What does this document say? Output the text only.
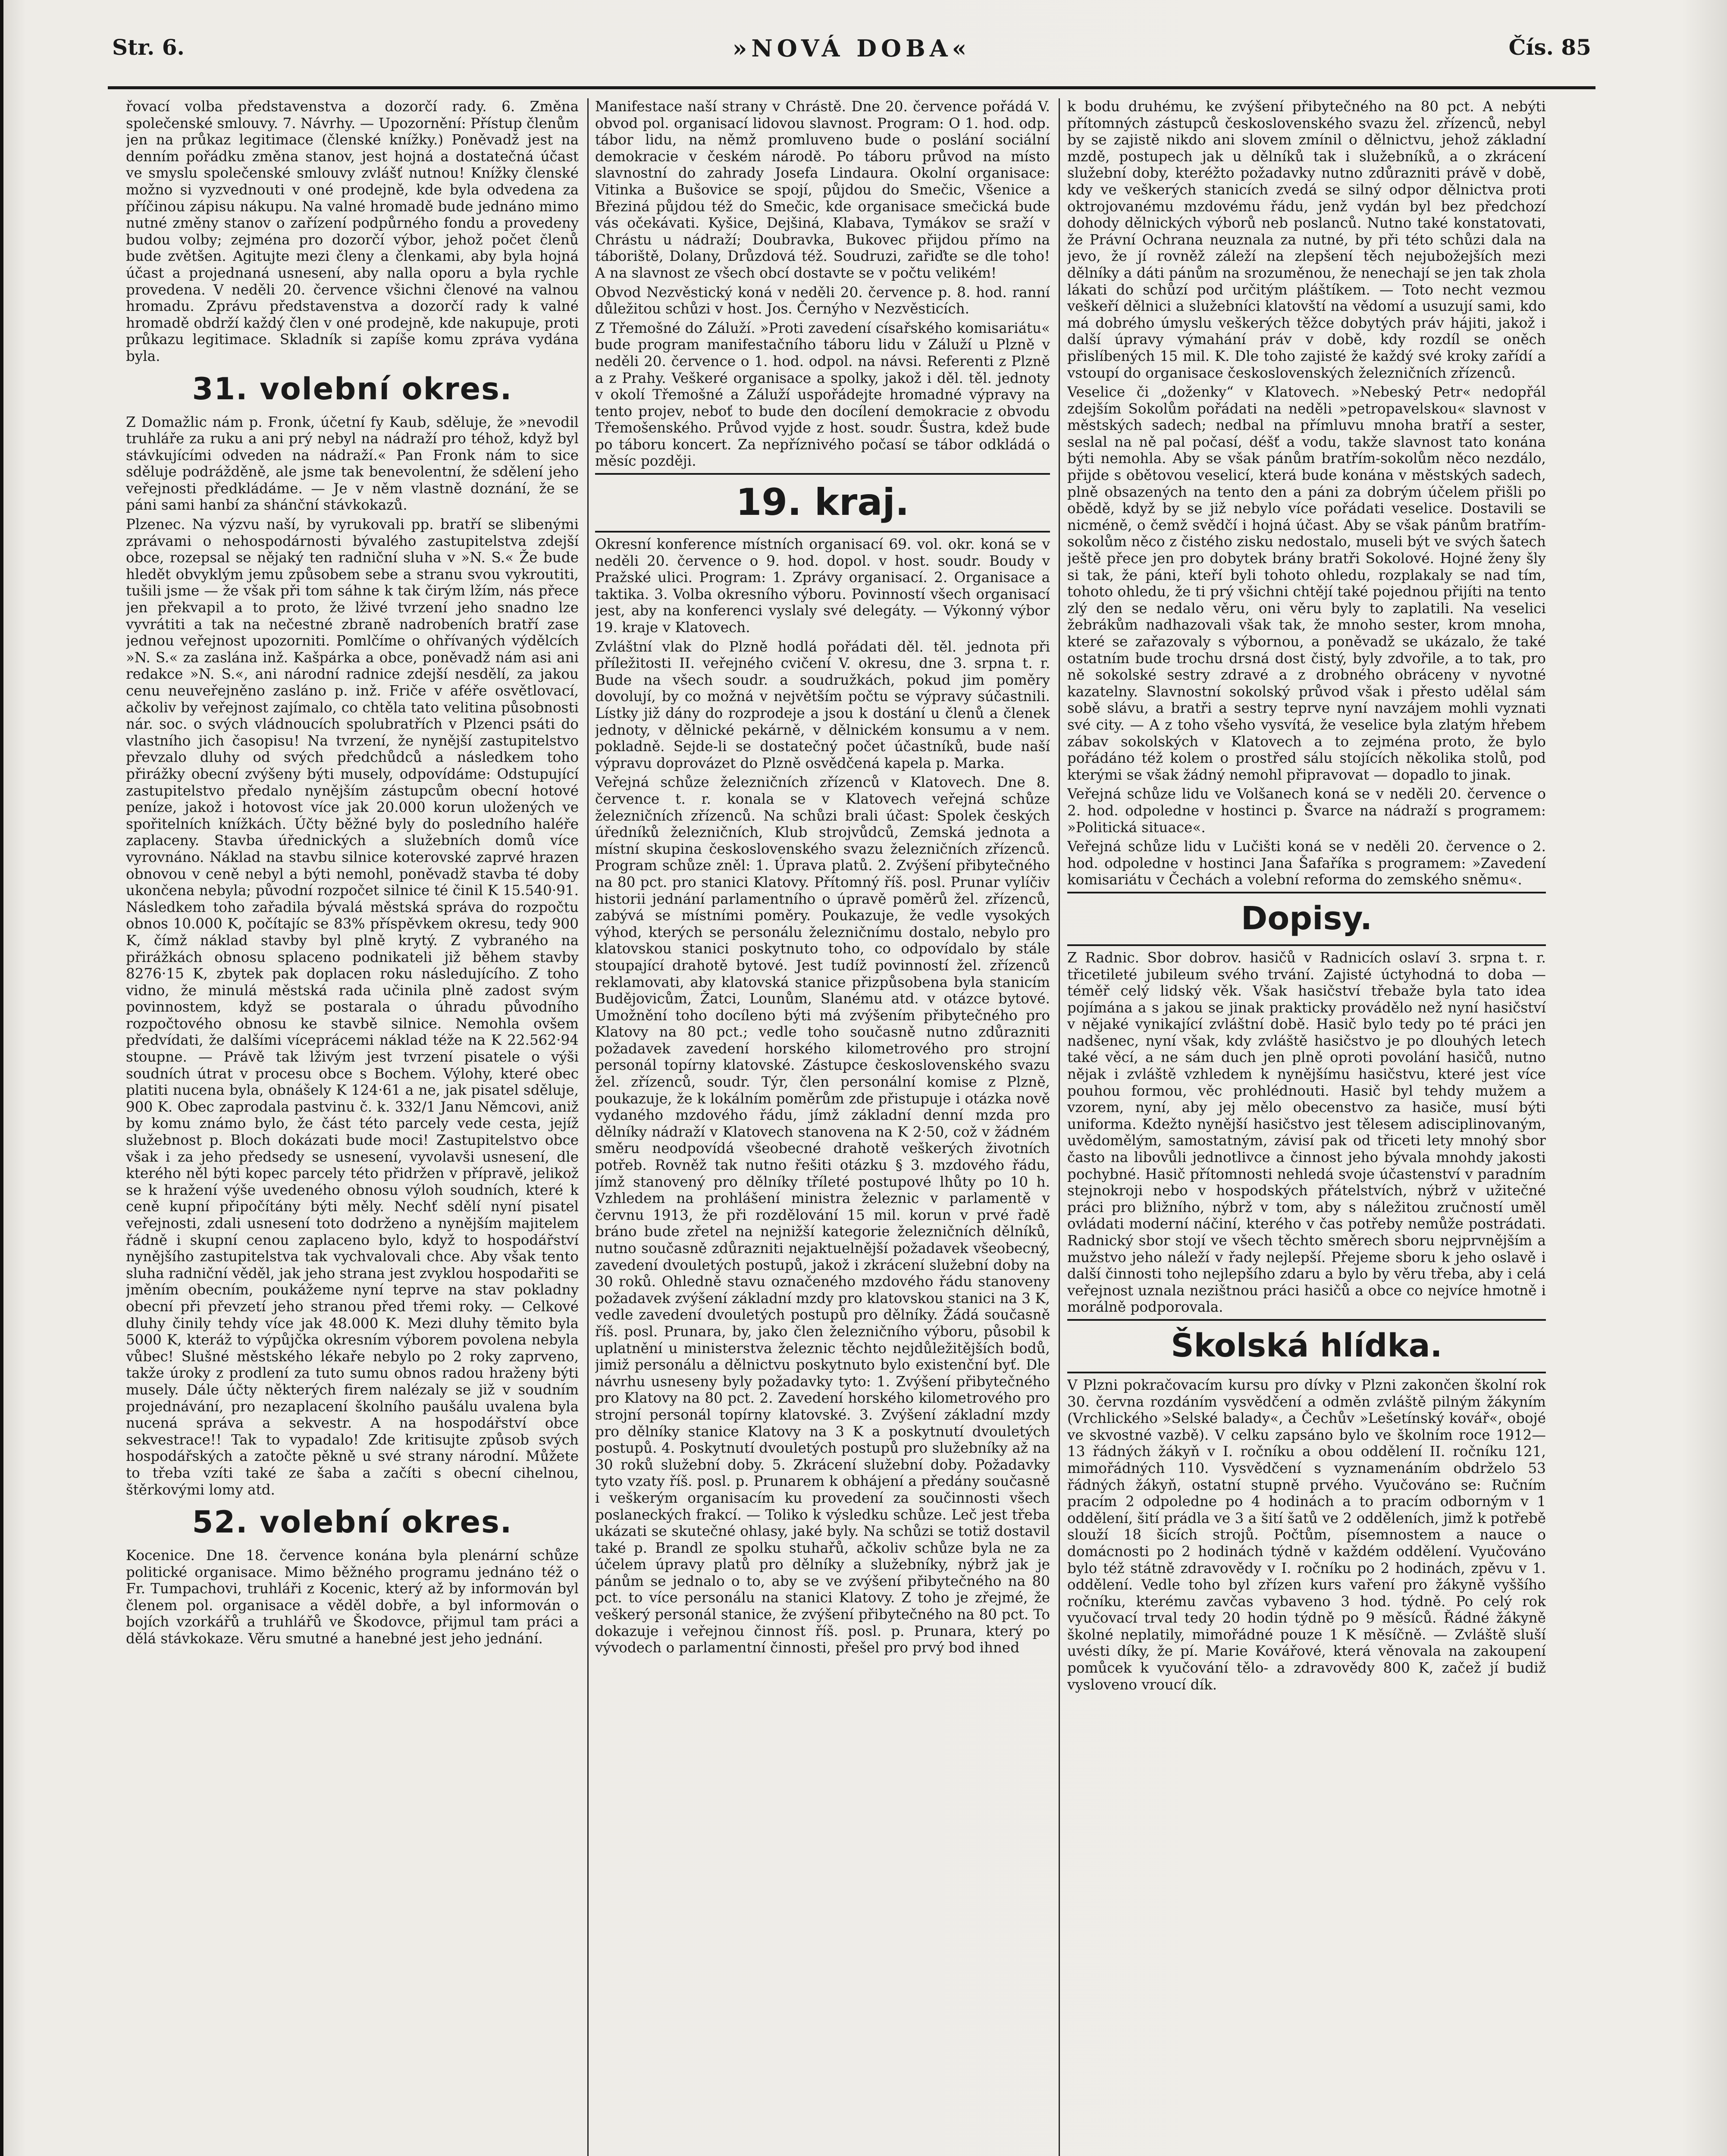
Str. 6.	»NOVÁ DOBA«	Čís. 85

řovací volba představenstva a dozorčí rady. 6. Změna společenské smlouvy. 7. Návrhy. — Upozornění: Přístup členům jen na průkaz legitimace (členské knížky.) Poněvadž jest na denním pořádku změna stanov, jest hojná a dostatečná účast ve smyslu společenské smlouvy zvlášť nutnou! Knížky členské možno si vyzvednouti v oné prodejně, kde byla odvedena za příčinou zápisu nákupu. Na valné hromadě bude jednáno mimo nutné změny stanov o zařízení podpůrného fondu a provedeny budou volby; zejména pro dozorčí výbor, jehož počet členů bude zvětšen. Agitujte mezi členy a členkami, aby byla hojná účast a projednaná usnesení, aby nalla oporu a byla rychle provedena. V neděli 20. července všichni členové na valnou hromadu. Zprávu představenstva a dozorčí rady k valné hromadě obdrží každý člen v oné prodejně, kde nakupuje, proti průkazu legitimace. Skladník si zapíše komu zpráva vydána byla.

31. volební okres.

Z Domažlic nám p. Fronk, účetní fy Kaub, sděluje, že »nevodil truhláře za ruku a ani prý nebyl na nádraží pro téhož, když byl stávkujícími odveden na nádraží.« Pan Fronk nám to sice sděluje podrážděně, ale jsme tak benevolentní, že sdělení jeho veřejnosti předkládáme. — Je v něm vlastně doznání, že se páni sami hanbí za shánční stávkokazů.

Plzenec. Na výzvu naší, by vyrukovali pp. bratří se slibenými zprávami o nehospodárnosti bývalého zastupitelstva zdejší obce, rozepsal se nějaký ten radniční sluha v »N. S.« Že bude hledět obvyklým jemu způsobem sebe a stranu svou vykroutiti, tušili jsme — že však při tom sáhne k tak čirým lžím, nás přece jen překvapil a to proto, že lživé tvrzení jeho snadno lze vyvrátiti a tak na nečestné zbraně nadrobeních bratří zase jednou veřejnost upozorniti. Pomlčíme o ohřívaných výdělcích »N. S.« za zaslána inž. Kašpárka a obce, poněvadž nám asi ani redakce »N. S.«, ani národní radnice zdejší nesdělí, za jakou cenu neuveřejněno zasláno p. inž. Friče v aféře osvětlovací, ačkoliv by veřejnost zajímalo, co chtěla tato velitina působnosti nár. soc. o svých vládnoucích spolubratřích v Plzenci psáti do vlastního jich časopisu! Na tvrzení, že nynější zastupitelstvo převzalo dluhy od svých předchůdců a následkem toho přirážky obecní zvýšeny býti musely, odpovídáme: Odstupující zastupitelstvo předalo nynějším zástupcům obecní hotové peníze, jakož i hotovost více jak 20.000 korun uložených ve spořitelních knížkách. Účty běžné byly do posledního haléře zaplaceny. Stavba úřednických a služebních domů více vyrovnáno. Náklad na stavbu silnice koterovské zaprvé hrazen obnovou v ceně nebyl a býti nemohl, poněvadž stavba té doby ukončena nebyla; původní rozpočet silnice té činil K 15.540·91. Následkem toho zařadila bývalá městská správa do rozpočtu obnos 10.000 K, počítajíc se 83% příspěvkem okresu, tedy 900 K, čímž náklad stavby byl plně krytý. Z vybraného na přirážkách obnosu splaceno podnikateli již během stavby 8276·15 K, zbytek pak doplacen roku následujícího. Z toho vidno, že minulá městská rada učinila plně zadost svým povinnostem, když se postarala o úhradu původního rozpočtového obnosu ke stavbě silnice. Nemohla ovšem předvídati, že dalšími víceprácemi náklad téže na K 22.562·94 stoupne. — Právě tak lživým jest tvrzení pisatele o výši soudních útrat v procesu obce s Bochem. Výlohy, které obec platiti nucena byla, obnášely K 124·61 a ne, jak pisatel sděluje, 900 K. Obec zaprodala pastvinu č. k. 332/1 Janu Němcovi, aniž by komu známo bylo, že část této parcely vede cesta, jejíž služebnost p. Bloch dokázati bude moci! Zastupitelstvo obce však i za jeho předsedy se usnesení, vyvolavši usnesení, dle kterého něl býti kopec parcely této přidržen v přípravě, jelikož se k hražení výše uvedeného obnosu výloh soudních, které k ceně kupní připočítány býti měly. Nechť sdělí nyní pisatel veřejnosti, zdali usnesení toto dodrženo a nynějším majitelem řádně i skupní cenou zaplaceno bylo, když to hospodářství nynějšího zastupitelstva tak vychvalovali chce. Aby však tento sluha radniční věděl, jak jeho strana jest zvyklou hospodařiti se jměním obecním, poukážeme nyní teprve na stav pokladny obecní při převzetí jeho stranou před třemi roky. — Celkové dluhy činily tehdy více jak 48.000 K. Mezi dluhy těmito byla 5000 K, kteráž to výpůjčka okresním výborem povolena nebyla vůbec! Slušné městského lékaře nebylo po 2 roky zaprveno, takže úroky z prodlení za tuto sumu obnos radou hraženy býti musely. Dále účty některých firem nalézaly se již v soudním projednávání, pro nezaplacení školního paušálu uvalena byla nucená správa a sekvestr. A na hospodářství obce sekvestrace!! Tak to vypadalo! Zde kritisujte způsob svých hospodářských a zatočte pěkně u své strany národní. Můžete to třeba vzíti také ze šaba a začíti s obecní cihelnou, štěrkovými lomy atd.

52. volební okres.

Kocenice. Dne 18. července konána byla plenární schůze politické organisace. Mimo běžného programu jednáno též o Fr. Tumpachovi, truhláři z Kocenic, který až by informován byl členem pol. organisace a věděl dobře, a byl informován o bojích vzorkářů a truhlářů ve Škodovce, přijmul tam práci a dělá stávkokaze. Věru smutné a hanebné jest jeho jednání.

Manifestace naší strany v Chrástě. Dne 20. července pořádá V. obvod pol. organisací lidovou slavnost. Program: O 1. hod. odp. tábor lidu, na němž promluveno bude o poslání sociální demokracie v českém národě. Po táboru průvod na místo slavnostní do zahrady Josefa Lindaura. Okolní organisace: Vitinka a Bušovice se spojí, půjdou do Smečic, Všenice a Březiná půjdou též do Smečic, kde organisace smečická bude vás očekávati. Kyšice, Dejšiná, Klabava, Tymákov se sraží v Chrástu u nádraží; Doubravka, Bukovec přijdou přímo na táboriště, Dolany, Drůzdová též. Soudruzi, zařiďte se dle toho! A na slavnost ze všech obcí dostavte se v počtu velikém!

Obvod Nezvěstický koná v neděli 20. července p. 8. hod. ranní důležitou schůzi v host. Jos. Černýho v Nezvěsticích.

Z Třemošné do Záluží. »Proti zavedení císařského komisariátu« bude program manifestačního táboru lidu v Záluží u Plzně v neděli 20. července o 1. hod. odpol. na návsi. Referenti z Plzně a z Prahy. Veškeré organisace a spolky, jakož i děl. těl. jednoty v okolí Třemošné a Záluží uspořádejte hromadné výpravy na tento projev, neboť to bude den docílení demokracie z obvodu Třemošenského. Průvod vyjde z host. soudr. Šustra, kdež bude po táboru koncert. Za nepříznivého počasí se tábor odkládá o měsíc později.

19. kraj.

Okresní konference místních organisací 69. vol. okr. koná se v neděli 20. července o 9. hod. dopol. v host. soudr. Boudy v Pražské ulici. Program: 1. Zprávy organisací. 2. Organisace a taktika. 3. Volba okresního výboru. Povinností všech organisací jest, aby na konferenci vyslaly své delegáty. — Výkonný výbor 19. kraje v Klatovech.

Zvláštní vlak do Plzně hodlá pořádati děl. těl. jednota při příležitosti II. veřejného cvičení V. okresu, dne 3. srpna t. r. Bude na všech soudr. a soudružkách, pokud jim poměry dovolují, by co možná v největším počtu se výpravy súčastnili. Lístky již dány do rozprodeje a jsou k dostání u členů a členek jednoty, v dělnické pekárně, v dělnickém konsumu a v nem. pokladně. Sejde-li se dostatečný počet účastníků, bude naší výpravu doprovázet do Plzně osvědčená kapela p. Marka.

Veřejná schůze železničních zřízenců v Klatovech. Dne 8. července t. r. konala se v Klatovech veřejná schůze železničních zřízenců. Na schůzi brali účast: Spolek českých úředníků železničních, Klub strojvůdců, Zemská jednota a místní skupina československého svazu železničních zřízenců. Program schůze zněl: 1. Úprava platů. 2. Zvýšení přibytečného na 80 pct. pro stanici Klatovy. Přítomný říš. posl. Prunar vylíčiv historii jednání parlamentního o úpravě poměrů žel. zřízenců, zabývá se místními poměry. Poukazuje, že vedle vysokých výhod, kterých se personálu železničnímu dostalo, nebylo pro klatovskou stanici poskytnuto toho, co odpovídalo by stále stoupající drahotě bytové. Jest tudíž povinností žel. zřízenců reklamovati, aby klatovská stanice přizpůsobena byla stanicím Budějovicům, Žatci, Lounům, Slanému atd. v otázce bytové. Umožnění toho docíleno býti má zvýšením přibytečného pro Klatovy na 80 pct.; vedle toho současně nutno zdůrazniti požadavek zavedení horského kilometrového pro strojní personál topírny klatovské. Zástupce československého svazu žel. zřízenců, soudr. Týr, člen personální komise z Plzně, poukazuje, že k lokálním poměrům zde přistupuje i otázka nově vydaného mzdového řádu, jímž základní denní mzda pro dělníky nádraží v Klatovech stanovena na K 2·50, což v žádném směru neodpovídá všeobecné drahotě veškerých životních potřeb. Rovněž tak nutno řešiti otázku § 3. mzdového řádu, jímž stanovený pro dělníky tříleté postupové lhůty po 10 h. Vzhledem na prohlášení ministra železnic v parlamentě v červnu 1913, že při rozdělování 15 mil. korun v prvé řadě bráno bude zřetel na nejnižší kategorie železničních dělníků, nutno současně zdůrazniti nejaktuelnější požadavek všeobecný, zavedení dvouletých postupů, jakož i zkrácení služební doby na 30 roků. Ohledně stavu označeného mzdového řádu stanoveny požadavek zvýšení základní mzdy pro klatovskou stanici na 3 K, vedle zavedení dvouletých postupů pro dělníky. Žádá současně říš. posl. Prunara, by, jako člen železničního výboru, působil k uplatnění u ministerstva železnic těchto nejdůležitějších bodů, jimiž personálu a dělnictvu poskytnuto bylo existenční byť. Dle návrhu usneseny byly požadavky tyto: 1. Zvýšení přibytečného pro Klatovy na 80 pct. 2. Zavedení horského kilometrového pro strojní personál topírny klatovské. 3. Zvýšení základní mzdy pro dělníky stanice Klatovy na 3 K a poskytnutí dvouletých postupů. 4. Poskytnutí dvouletých postupů pro služebníky až na 30 roků služební doby. 5. Zkrácení služební doby. Požadavky tyto vzaty říš. posl. p. Prunarem k obhájení a předány současně i veškerým organisacím ku provedení za součinnosti všech poslaneckých frakcí. — Toliko k výsledku schůze. Leč jest třeba ukázati se skutečné ohlasy, jaké byly. Na schůzi se totiž dostavil také p. Brandl ze spolku stuhařů, ačkoliv schůze byla ne za účelem úpravy platů pro dělníky a služebníky, nýbrž jak je pánům se jednalo o to, aby se ve zvýšení přibytečného na 80 pct. to více personálu na stanici Klatovy. Z toho je zřejmé, že veškerý personál stanice, že zvýšení přibytečného na 80 pct. To dokazuje i veřejnou činnost říš. posl. p. Prunara, který po vývodech o parlamentní činnosti, přešel pro prvý bod ihned

k bodu druhému, ke zvýšení přibytečného na 80 pct. A nebýti přítomných zástupců československého svazu žel. zřízenců, nebyl by se zajistě nikdo ani slovem zmínil o dělnictvu, jehož základní mzdě, postupech jak u dělníků tak i služebníků, a o zkrácení služební doby, kteréžto požadavky nutno zdůrazniti právě v době, kdy ve veškerých stanicích zvedá se silný odpor dělnictva proti oktrojovanému mzdovému řádu, jenž vydán byl bez předchozí dohody dělnických výborů neb poslanců. Nutno také konstatovati, že Právní Ochrana neuznala za nutné, by při této schůzi dala na jevo, že jí rovněž záleží na zlepšení těch nejubožejších mezi dělníky a dáti pánům na srozuměnou, že nenechají se jen tak zhola lákati do schůzí pod určitým pláštíkem. — Toto necht vezmou veškeří dělnici a služebníci klatovští na vědomí a usuzují sami, kdo má dobrého úmyslu veškerých těžce dobytých práv hájiti, jakož i další úpravy výmahání práv v době, kdy rozdíl se oněch přislíbených 15 mil. K. Dle toho zajisté že každý své kroky zařídí a vstoupí do organisace československých železničních zřízenců.

Veselice či „doženky“ v Klatovech. »Nebeský Petr« nedopřál zdejším Sokolům pořádati na neděli »petropavelskou« slavnost v městských sadech; nedbal na přímluvu mnoha bratří a sester, seslal na ně pal počasí, déšť a vodu, takže slavnost tato konána býti nemohla. Aby se však pánům bratřím-sokolům něco nezdálo, přijde s obětovou veselicí, která bude konána v městských sadech, plně obsazených na tento den a páni za dobrým účelem přišli po obědě, když by se již nebylo více pořádati veselice. Dostavili se nicméně, o čemž svědčí i hojná účast. Aby se však pánům bratřím-sokolům něco z čistého zisku nedostalo, museli být ve svých šatech ještě přece jen pro dobytek brány bratři Sokolové. Hojné ženy šly si tak, že páni, kteří byli tohoto ohledu, rozplakaly se nad tím, tohoto ohledu, že ti prý všichni chtějí také pojednou přijíti na tento zlý den se nedalo věru, oni věru byly to zaplatili. Na veselici žebrákům nadhazovali však tak, že mnoho sester, krom mnoha, které se zařazovaly s výbornou, a poněvadž se ukázalo, že také ostatním bude trochu drsná dost čistý, byly zdvořile, a to tak, pro ně sokolské sestry zdravé a z drobného obráceny v nyvotné kazatelny. Slavnostní sokolský průvod však i přesto udělal sám sobě slávu, a bratři a sestry teprve nyní navzájem mohli vyznati své city. — A z toho všeho vysvítá, že veselice byla zlatým hřebem zábav sokolských v Klatovech a to zejména proto, že bylo pořádáno též kolem o prostřed sálu stojících několika stolů, pod kterými se však žádný nemohl připravovat — dopadlo to jinak.

Veřejná schůze lidu ve Volšanech koná se v neděli 20. července o 2. hod. odpoledne v hostinci p. Švarce na nádraží s programem: »Politická situace«.

Veřejná schůze lidu v Lučišti koná se v neděli 20. července o 2. hod. odpoledne v hostinci Jana Šafaříka s programem: »Zavedení komisariátu v Čechách a volební reforma do zemského sněmu«.

Dopisy.

Z Radnic. Sbor dobrov. hasičů v Radnicích oslaví 3. srpna t. r. třicetileté jubileum svého trvání. Zajisté úctyhodná to doba — téměř celý lidský věk. Však hasičství třebaže byla tato idea pojímána a s jakou se jinak prakticky provádělo než nyní hasičství v nějaké vynikající zvláštní době. Hasič bylo tedy po té práci jen nadšenec, nyní však, kdy zvláště hasičstvo je po dlouhých letech také věcí, a ne sám duch jen plně oproti povolání hasičů, nutno nějak i zvláště vzhledem k nynějšímu hasičstvu, které jest více pouhou formou, věc prohlédnouti. Hasič byl tehdy mužem a vzorem, nyní, aby jej mělo obecenstvo za hasiče, musí býti uniforma. Kdežto nynější hasičstvo jest tělesem adisciplinovaným, uvědomělým, samostatným, závisí pak od třiceti lety mnohý sbor často na libovůli jednotlivce a činnost jeho bývala mnohdy jakosti pochybné. Hasič přítomnosti nehledá svoje účastenství v paradním stejnokroji nebo v hospodských přátelstvích, nýbrž v užitečné práci pro bližního, nýbrž v tom, aby s náležitou zručností uměl ovládati moderní náčiní, kterého v čas potřeby nemůže postrádati. Radnický sbor stojí ve všech těchto směrech sboru nejprvnějším a mužstvo jeho náleží v řady nejlepší. Přejeme sboru k jeho oslavě i další činnosti toho nejlepšího zdaru a bylo by věru třeba, aby i celá veřejnost uznala nezištnou práci hasičů a obce co nejvíce hmotně i morálně podporovala.

Školská hlídka.

V Plzni pokračovacím kursu pro dívky v Plzni zakončen školní rok 30. června rozdáním vysvědčení a odměn zvláště pilným žákyním (Vrchlického »Selské balady«, a Čechův »Lešetínský kovář«, obojé ve skvostné vazbě). V celku zapsáno bylo ve školním roce 1912—13 řádných žákyň v I. ročníku a obou oddělení II. ročníku 121, mimořádných 110. Vysvědčení s vyznamenáním obdrželo 53 řádných žákyň, ostatní stupně prvého. Vyučováno se: Ručním pracím 2 odpoledne po 4 hodinách a to pracím odborným v 1 oddělení, šití prádla ve 3 a šití šatů ve 2 odděleních, jimž k potřebě slouží 18 šicích strojů. Počtům, písemnostem a nauce o domácnosti po 2 hodinách týdně v každém oddělení. Vyučováno bylo též státně zdravovědy v I. ročníku po 2 hodinách, zpěvu v 1. oddělení. Vedle toho byl zřízen kurs vaření pro žákyně vyššího ročníku, kterému zavčas vybaveno 3 hod. týdně. Po celý rok vyučovací trval tedy 20 hodin týdně po 9 měsíců. Řádné žákyně školné neplatily, mimořádné pouze 1 K měsíčně. — Zvláště sluší uvésti díky, že pí. Marie Kovářové, která věnovala na zakoupení pomůcek k vyučování tělo- a zdravovědy 800 K, začež jí budiž vysloveno vroucí dík.
